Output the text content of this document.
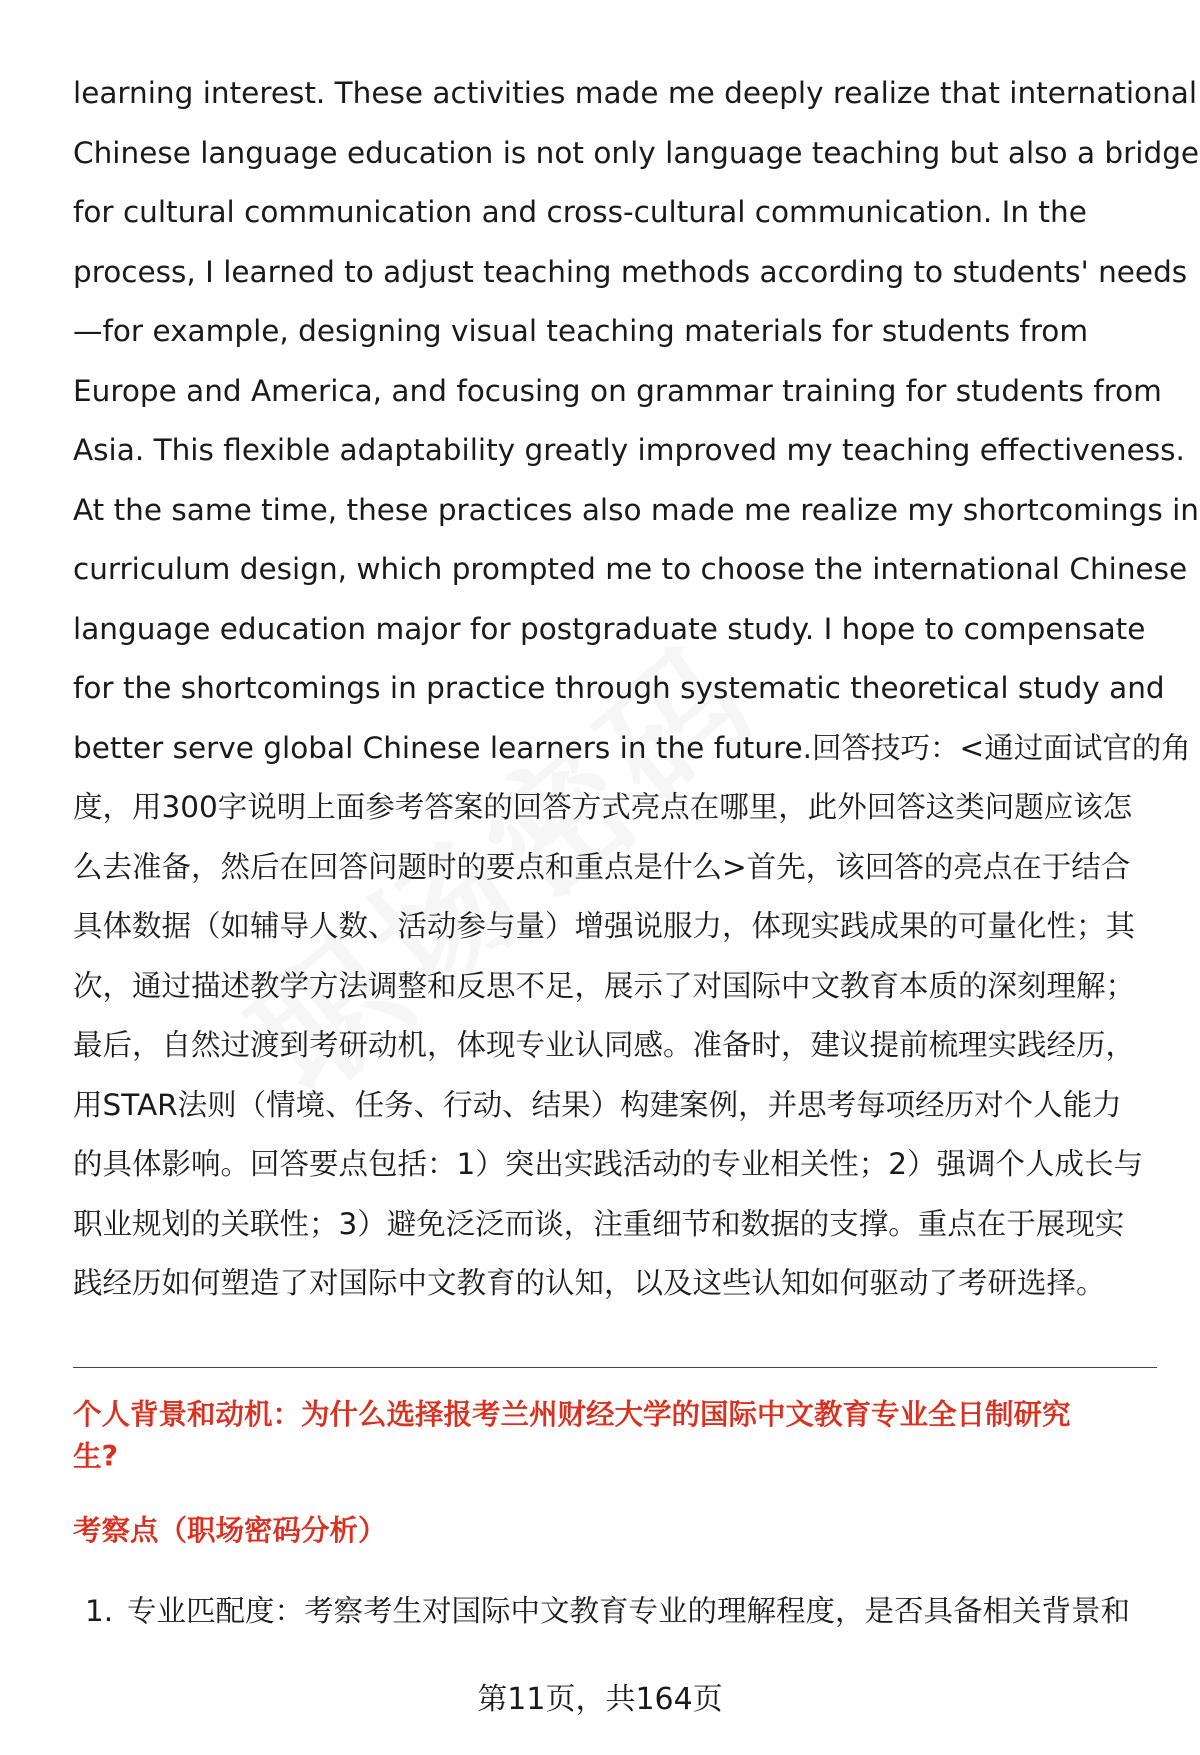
learning interest. These activities made me deeply realize that international
Chinese language education is not only language teaching but also a bridge
for cultural communication and cross-cultural communication. In the
process, I learned to adjust teaching methods according to students' needs
—for example, designing visual teaching materials for students from
Europe and America, and focusing on grammar training for students from
Asia. This flexible adaptability greatly improved my teaching effectiveness.
At the same time, these practices also made me realize my shortcomings in
curriculum design, which prompted me to choose the international Chinese
language education major for postgraduate study. I hope to compensate
for the shortcomings in practice through systematic theoretical study and
better serve global Chinese learners in the future.回答技巧：<通过面试官的角
度，用300字说明上面参考答案的回答方式亮点在哪里，此外回答这类问题应该怎
么去准备，然后在回答问题时的要点和重点是什么>首先，该回答的亮点在于结合
具体数据（如辅导人数、活动参与量）增强说服力，体现实践成果的可量化性；其
次，通过描述教学方法调整和反思不足，展示了对国际中文教育本质的深刻理解；
最后，自然过渡到考研动机，体现专业认同感。准备时，建议提前梳理实践经历，
用STAR法则（情境、任务、行动、结果）构建案例，并思考每项经历对个人能力
的具体影响。回答要点包括：1）突出实践活动的专业相关性；2）强调个人成长与
职业规划的关联性；3）避免泛泛而谈，注重细节和数据的支撑。重点在于展现实
践经历如何塑造了对国际中文教育的认知，以及这些认知如何驱动了考研选择。

个人背景和动机：为什么选择报考兰州财经大学的国际中文教育专业全日制研究
生?
考察点（职场密码分析）
1. 专业匹配度：考察考生对国际中文教育专业的理解程度，是否具备相关背景和
第11页，共164页
